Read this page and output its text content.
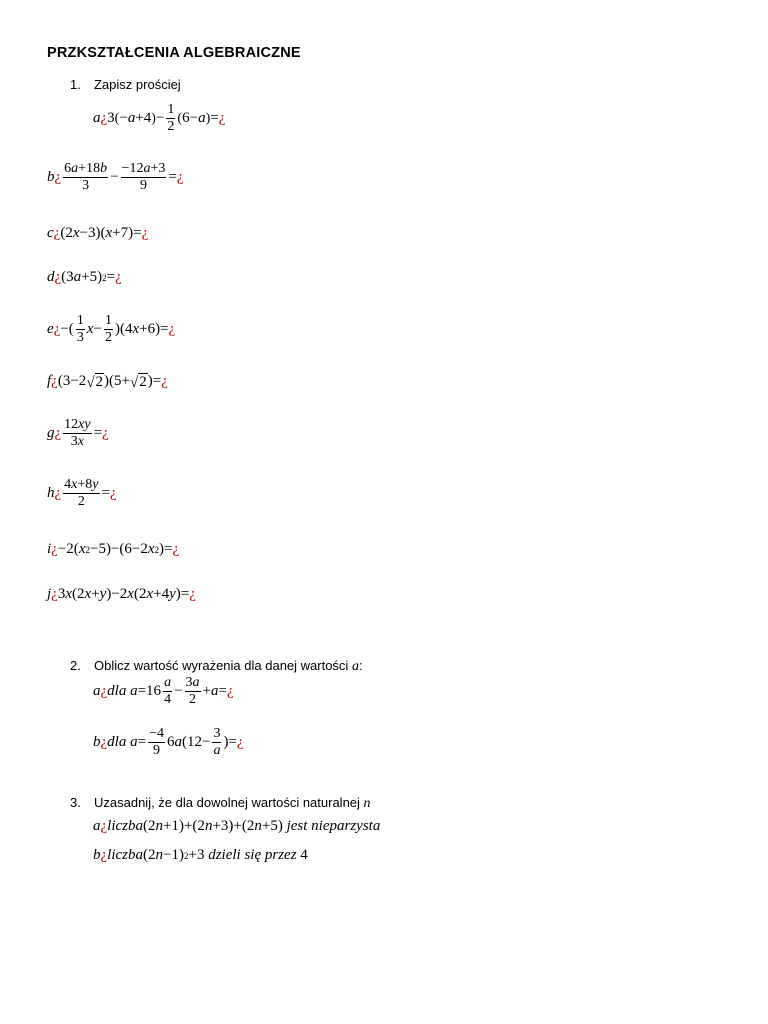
PRZKSZTAŁCENIA ALGEBRAICZNE
1. Zapisz prościej
a ¿ 3 ( − a +4 ) − $\frac{1}{2}$ ( 6− a ) = ¿
b ¿ $\frac{6a+18b}{3} - \frac{-12a+3}{9}$ = ¿
c ¿ (2 x −3)( x +7)= ¿
d ¿ (3 a +5) 2 = ¿
e ¿ −( $\frac{1}{3}$ $x - \frac{1}{2} )(4$ x +6)= ¿
f ¿ (3−2 √ 2 )(5+ √ 2 )= ¿
g ¿ $\frac{12xy}{3x}$ = ¿
h ¿ $\frac{4x+8y}{2}$ = ¿
i ¿ −2( x 2 −5)−(6−2 x 2 )= ¿
j ¿ 3 x (2 x + y )−2 x (2 x +4 y )= ¿
2. Oblicz wartość wyrażenia dla danej wartości a:
a ¿ dla $a =16 \frac{a}{4} - \frac{3a}{2} + a$ = ¿
b ¿ dla $a = \frac{-4}{9} 6$ a ($12- \frac{3}{a}$ )= ¿
3. Uzasadnij, że dla dowolnej wartości naturalnej n
a ¿ liczba (2 n +1)+(2 n +3)+(2 n +5) jest nieparzysta
b ¿ liczba (2 n −1) 2 +3 dzieli się przez 4
